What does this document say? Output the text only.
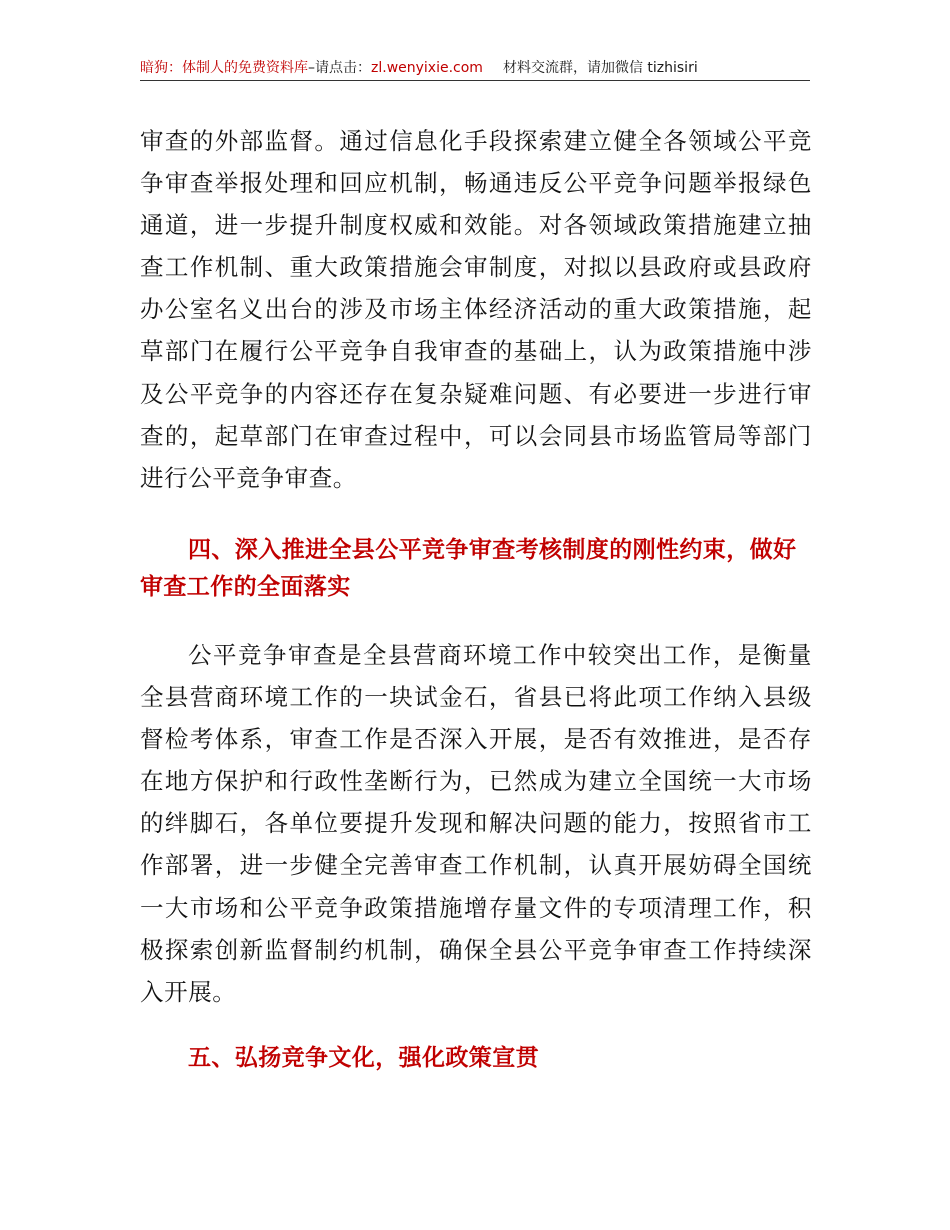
暗狗：体制人的免费资料库–请点击：zl.wenyixie.com 材料交流群，请加微信 tizhisiri

审查的外部监督。通过信息化手段探索建立健全各领域公平竞争审查举报处理和回应机制，畅通违反公平竞争问题举报绿色通道，进一步提升制度权威和效能。对各领域政策措施建立抽查工作机制、重大政策措施会审制度，对拟以县政府或县政府办公室名义出台的涉及市场主体经济活动的重大政策措施，起草部门在履行公平竞争自我审查的基础上，认为政策措施中涉及公平竞争的内容还存在复杂疑难问题、有必要进一步进行审查的，起草部门在审查过程中，可以会同县市场监管局等部门进行公平竞争审查。

四、深入推进全县公平竞争审查考核制度的刚性约束，做好审查工作的全面落实

公平竞争审查是全县营商环境工作中较突出工作，是衡量全县营商环境工作的一块试金石，省县已将此项工作纳入县级督检考体系，审查工作是否深入开展，是否有效推进，是否存在地方保护和行政性垄断行为，已然成为建立全国统一大市场的绊脚石，各单位要提升发现和解决问题的能力，按照省市工作部署，进一步健全完善审查工作机制，认真开展妨碍全国统一大市场和公平竞争政策措施增存量文件的专项清理工作，积极探索创新监督制约机制，确保全县公平竞争审查工作持续深入开展。

五、弘扬竞争文化，强化政策宣贯
